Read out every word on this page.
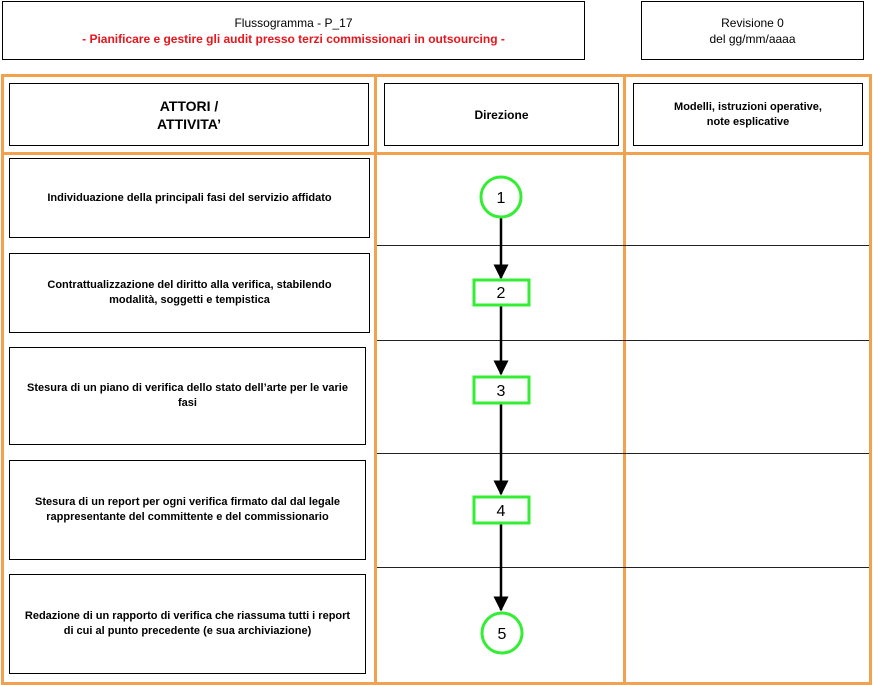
Flussogramma - P_17
- Pianificare e gestire gli audit presso terzi commissionari in outsourcing -
Revisione 0
del gg/mm/aaaa
ATTORI /
ATTIVITA’
Direzione
Modelli, istruzioni operative,
note esplicative
Individuazione della principali fasi del servizio affidato
Contrattualizzazione del diritto alla verifica, stabilendo modalità, soggetti e tempistica
Stesura di un piano di verifica dello stato dell’arte per le varie fasi
Stesura di un report per ogni verifica firmato dal dal legale rappresentante del committente e del commissionario
Redazione di un rapporto di verifica che riassuma tutti i report di cui al punto precedente (e sua archiviazione)
1
2
3
4
5
